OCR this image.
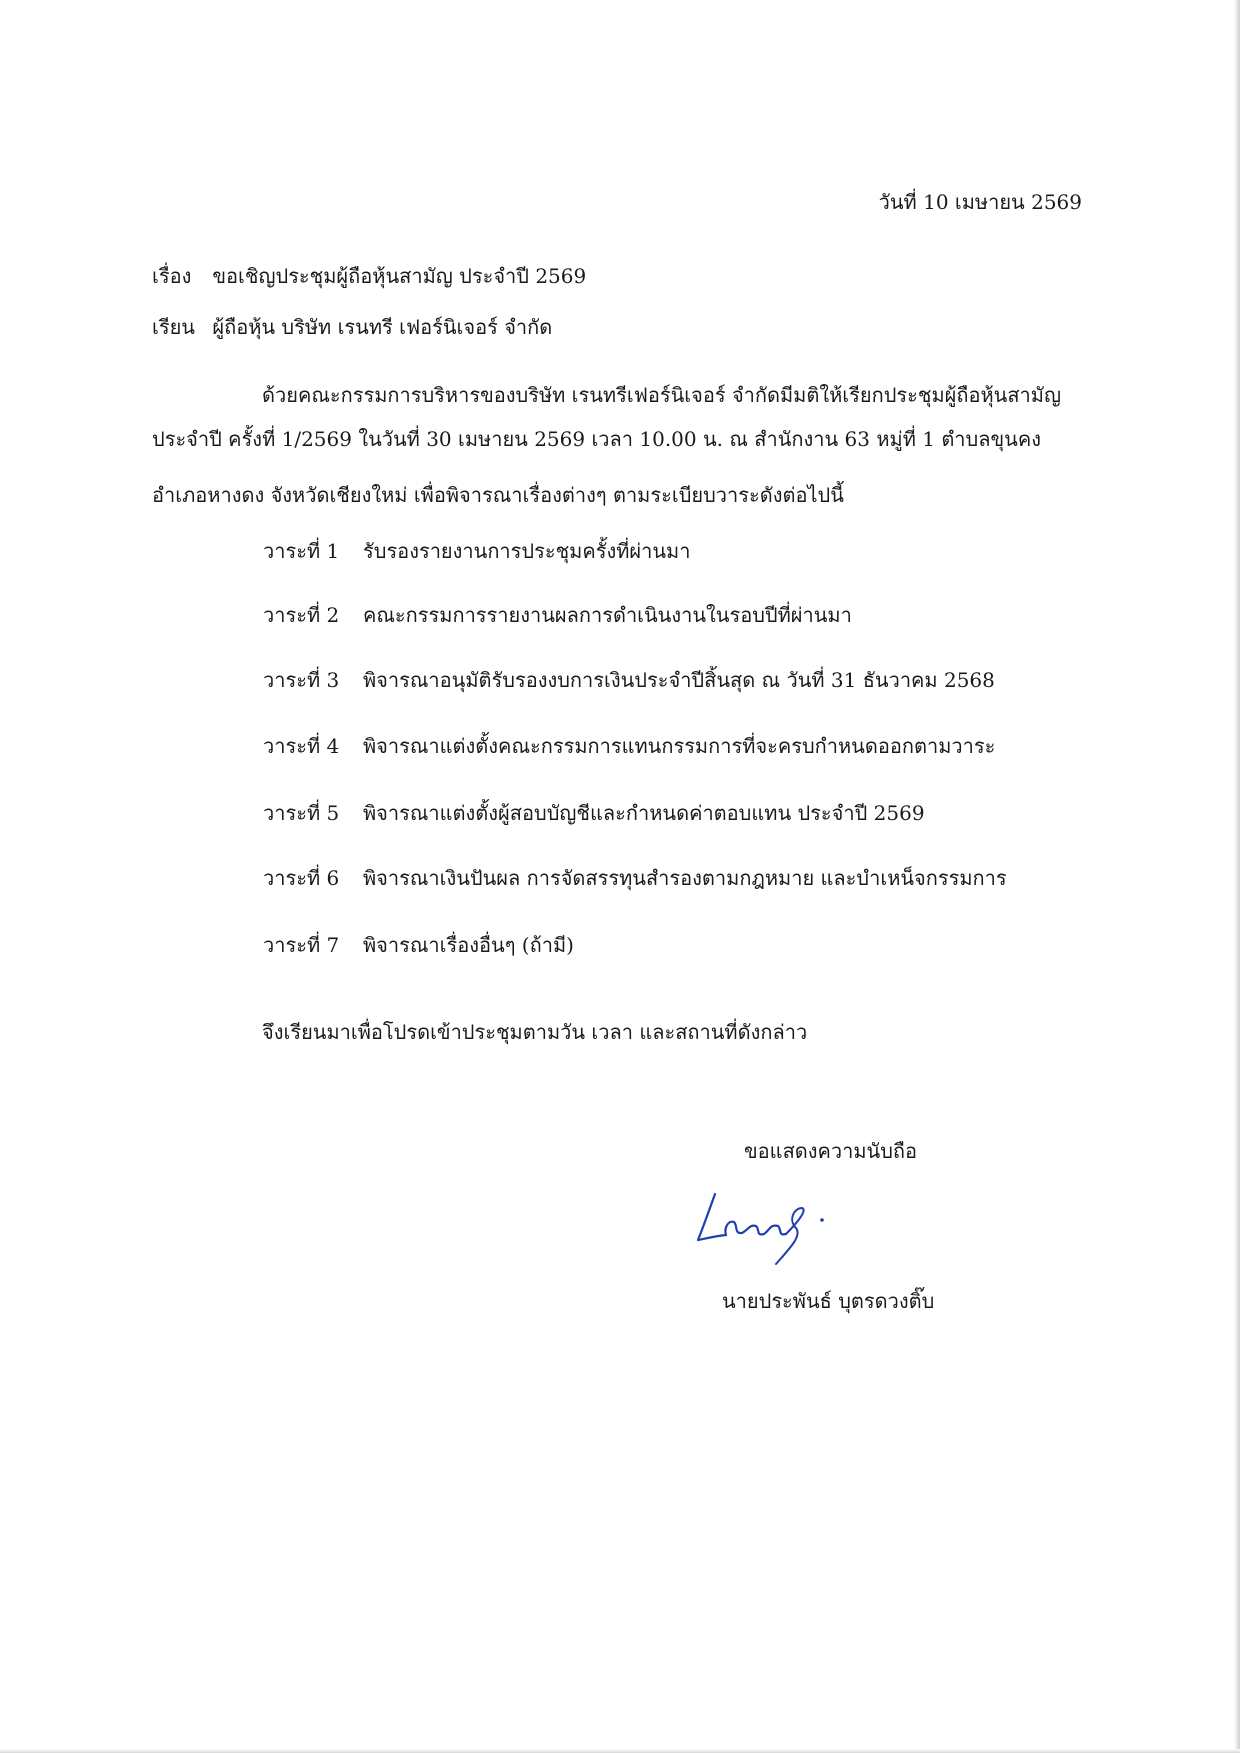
วันที่ 10 เมษายน 2569
เรื่อง ขอเชิญประชุมผู้ถือหุ้นสามัญ ประจำปี 2569
เรียน ผู้ถือหุ้น บริษัท เรนทรี เฟอร์นิเจอร์ จำกัด
ด้วยคณะกรรมการบริหารของบริษัท เรนทรีเฟอร์นิเจอร์ จำกัดมีมติให้เรียกประชุมผู้ถือหุ้นสามัญ
ประจำปี ครั้งที่ 1/2569 ในวันที่ 30 เมษายน 2569 เวลา 10.00 น. ณ สำนักงาน 63 หมู่ที่ 1 ตำบลขุนคง
อำเภอหางดง จังหวัดเชียงใหม่ เพื่อพิจารณาเรื่องต่างๆ ตามระเบียบวาระดังต่อไปนี้
วาระที่ 1 รับรองรายงานการประชุมครั้งที่ผ่านมา
วาระที่ 2 คณะกรรมการรายงานผลการดำเนินงานในรอบปีที่ผ่านมา
วาระที่ 3 พิจารณาอนุมัติรับรองงบการเงินประจำปีสิ้นสุด ณ วันที่ 31 ธันวาคม 2568
วาระที่ 4 พิจารณาแต่งตั้งคณะกรรมการแทนกรรมการที่จะครบกำหนดออกตามวาระ
วาระที่ 5 พิจารณาแต่งตั้งผู้สอบบัญชีและกำหนดค่าตอบแทน ประจำปี 2569
วาระที่ 6 พิจารณาเงินปันผล การจัดสรรทุนสำรองตามกฎหมาย และบำเหน็จกรรมการ
วาระที่ 7 พิจารณาเรื่องอื่นๆ (ถ้ามี)
จึงเรียนมาเพื่อโปรดเข้าประชุมตามวัน เวลา และสถานที่ดังกล่าว
ขอแสดงความนับถือ
นายประพันธ์ บุตรดวงติ๊บ
